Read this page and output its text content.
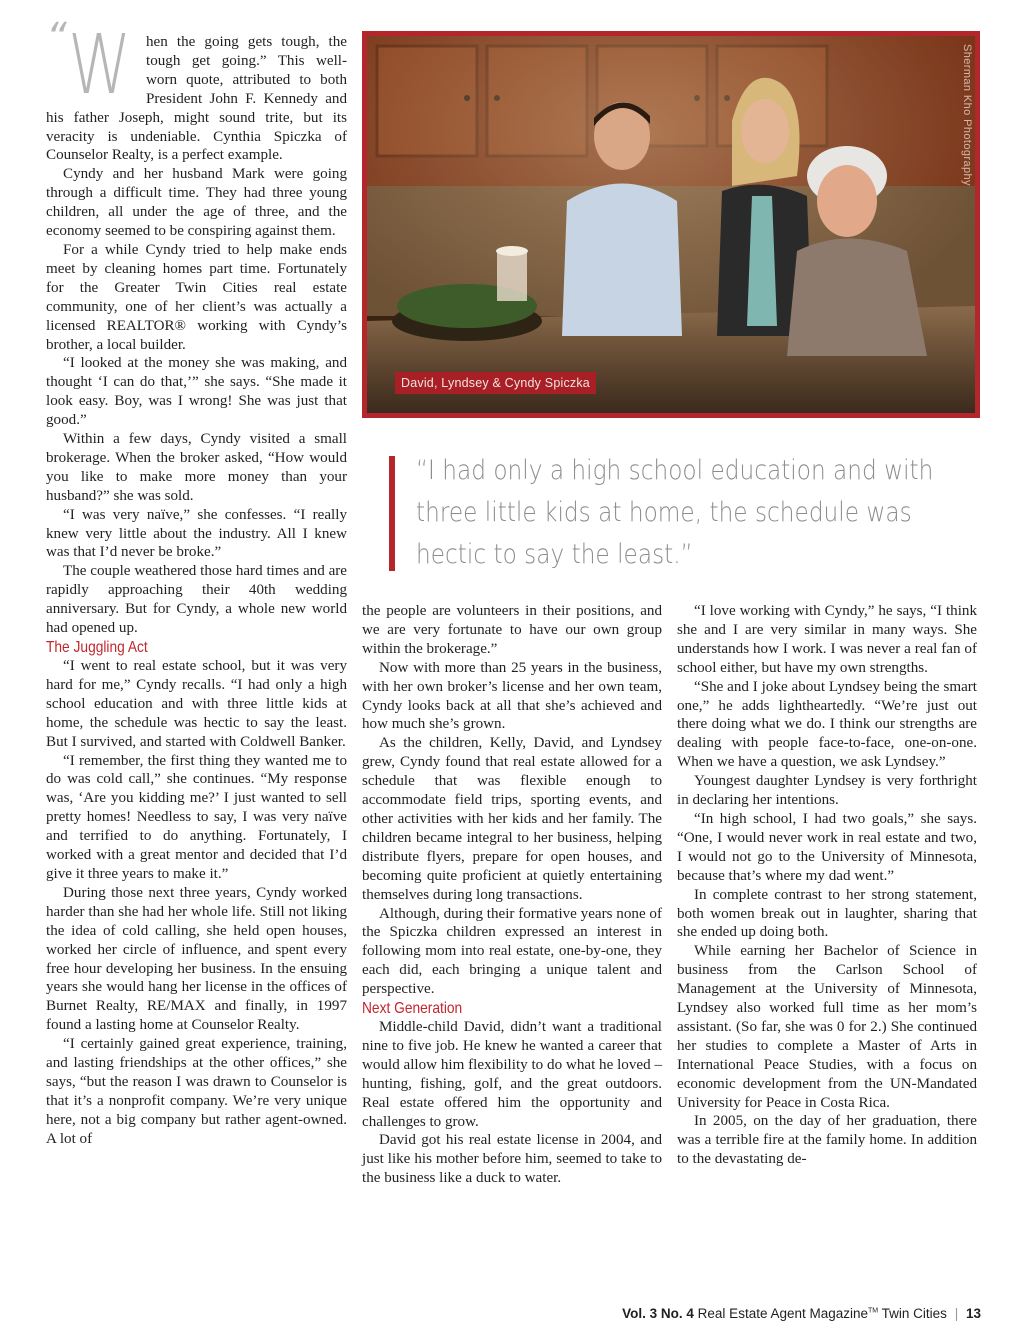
“ W hen the going gets tough, the tough get going.” This well-worn quote, attributed to both President John F. Kennedy and his father Joseph, might sound trite, but its veracity is undeniable. Cynthia Spiczka of Counselor Realty, is a perfect example.

Cyndy and her husband Mark were going through a difficult time. They had three young children, all under the age of three, and the economy seemed to be conspiring against them.

For a while Cyndy tried to help make ends meet by cleaning homes part time. Fortunately for the Greater Twin Cities real estate community, one of her client’s was actually a licensed REALTOR® working with Cyndy’s brother, a local builder.

“I looked at the money she was making, and thought ‘I can do that,’” she says. “She made it look easy. Boy, was I wrong! She was just that good.”

Within a few days, Cyndy visited a small brokerage. When the broker asked, “How would you like to make more money than your husband?” she was sold.

“I was very naïve,” she confesses. “I really knew very little about the industry. All I knew was that I’d never be broke.”

The couple weathered those hard times and are rapidly approaching their 40th wedding anniversary. But for Cyndy, a whole new world had opened up.

The Juggling Act

“I went to real estate school, but it was very hard for me,” Cyndy recalls. “I had only a high school education and with three little kids at home, the schedule was hectic to say the least. But I survived, and started with Coldwell Banker.

“I remember, the first thing they wanted me to do was cold call,” she continues. “My response was, ‘Are you kidding me?’ I just wanted to sell pretty homes! Needless to say, I was very naïve and terrified to do anything. Fortunately, I worked with a great mentor and decided that I’d give it three years to make it.”

During those next three years, Cyndy worked harder than she had her whole life. Still not liking the idea of cold calling, she held open houses, worked her circle of influence, and spent every free hour developing her business. In the ensuing years she would hang her license in the offices of Burnet Realty, RE/MAX and finally, in 1997 found a lasting home at Counselor Realty.

“I certainly gained great experience, training, and lasting friendships at the other offices,” she says, “but the reason I was drawn to Counselor is that it’s a nonprofit company. We’re very unique here, not a big company but rather agent-owned. A lot of

David, Lyndsey & Cyndy Spiczka
Sherman Kho Photography
“I had only a high school education and with three little kids at home, the schedule was hectic to say the least.”

the people are volunteers in their positions, and we are very fortunate to have our own group within the brokerage.”

Now with more than 25 years in the business, with her own broker’s license and her own team, Cyndy looks back at all that she’s achieved and how much she’s grown.

As the children, Kelly, David, and Lyndsey grew, Cyndy found that real estate allowed for a schedule that was flexible enough to accommodate field trips, sporting events, and other activities with her kids and her family. The children became integral to her business, helping distribute flyers, prepare for open houses, and becoming quite proficient at quietly entertaining themselves during long transactions.

Although, during their formative years none of the Spiczka children expressed an interest in following mom into real estate, one-by-one, they each did, each bringing a unique talent and perspective.

Next Generation

Middle-child David, didn’t want a traditional nine to five job. He knew he wanted a career that would allow him flexibility to do what he loved – hunting, fishing, golf, and the great outdoors. Real estate offered him the opportunity and challenges to grow.

David got his real estate license in 2004, and just like his mother before him, seemed to take to the business like a duck to water.

“I love working with Cyndy,” he says, “I think she and I are very similar in many ways. She understands how I work. I was never a real fan of school either, but have my own strengths.

“She and I joke about Lyndsey being the smart one,” he adds lightheartedly. “We’re just out there doing what we do. I think our strengths are dealing with people face-to-face, one-on-one. When we have a question, we ask Lyndsey.”

Youngest daughter Lyndsey is very forthright in declaring her intentions.

“In high school, I had two goals,” she says. “One, I would never work in real estate and two, I would not go to the University of Minnesota, because that’s where my dad went.”

In complete contrast to her strong statement, both women break out in laughter, sharing that she ended up doing both.

While earning her Bachelor of Science in business from the Carlson School of Management at the University of Minnesota, Lyndsey also worked full time as her mom’s assistant. (So far, she was 0 for 2.) She continued her studies to complete a Master of Arts in International Peace Studies, with a focus on economic development from the UN-Mandated University for Peace in Costa Rica.

In 2005, on the day of her graduation, there was a terrible fire at the family home. In addition to the devastating de-

Vol. 3 No. 4 Real Estate Agent Magazine™ Twin Cities | 13
